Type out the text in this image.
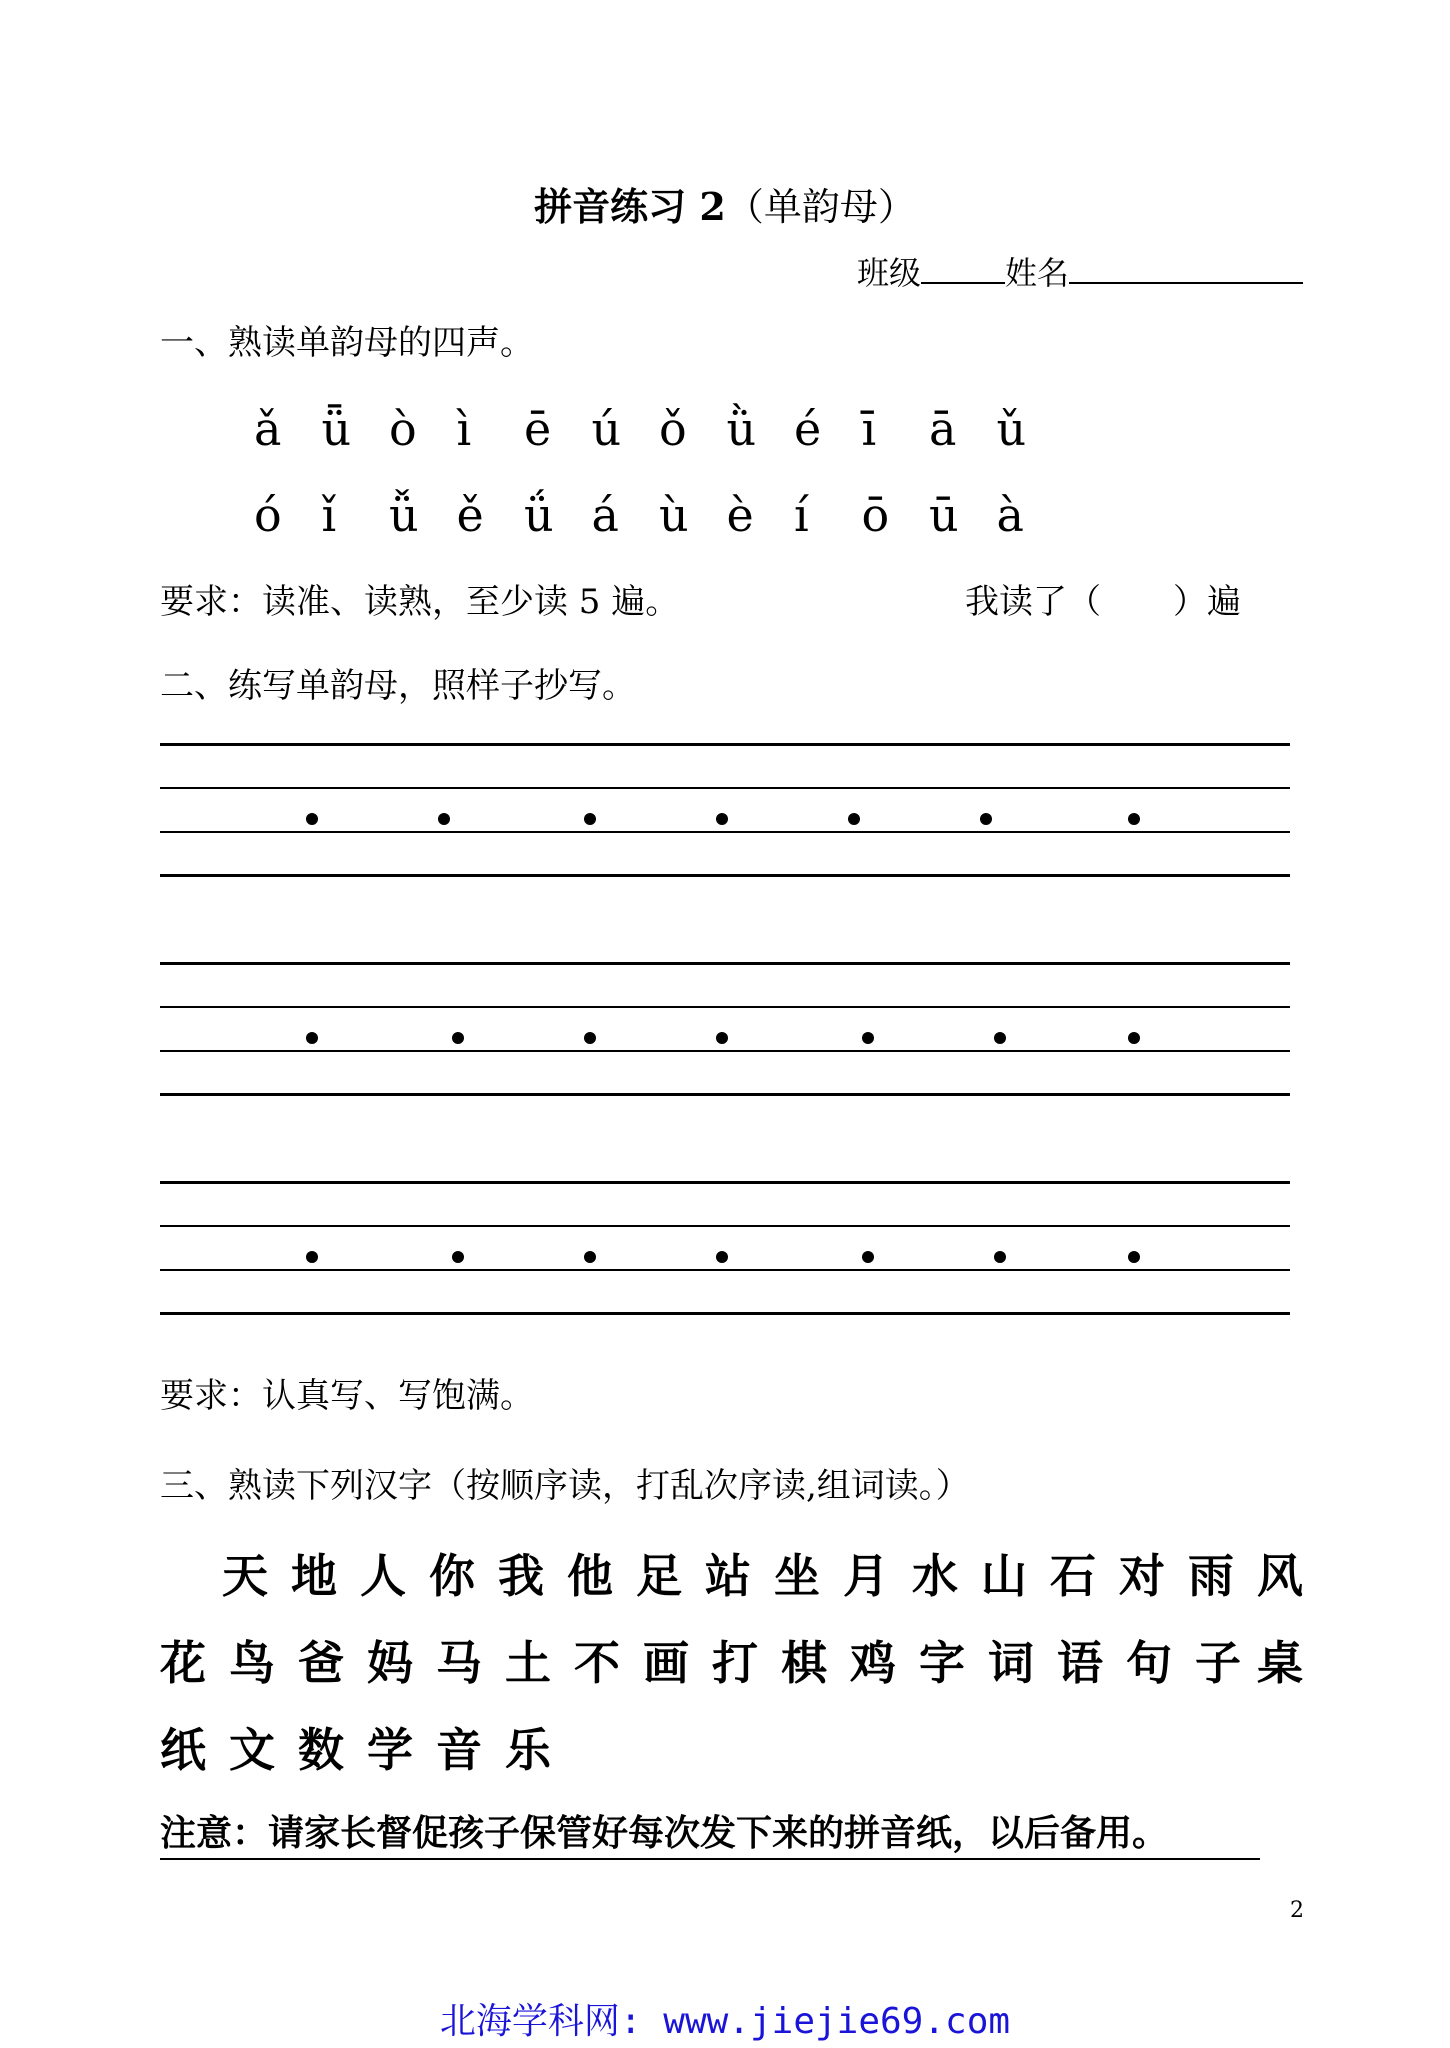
拼音练习 2（单韵母）
班级	姓名
一、熟读单韵母的四声。
ǎ ǖ ò ì ē ú ǒ ǜ é ī ā ǔ
ó ǐ ǚ ě ǘ á ù è í ō ū à
要求：读准、读熟，至少读 5 遍。	我读了（ ）遍
二、练写单韵母，照样子抄写。
要求：认真写、写饱满。
三、熟读下列汉字（按顺序读，打乱次序读,组词读。）
天 地 人 你 我 他 足 站 坐 月 水 山 石 对 雨 风
花 鸟 爸 妈 马 土 不 画 打 棋 鸡 字 词 语 句 子 桌
纸 文 数 学 音 乐
注意：请家长督促孩子保管好每次发下来的拼音纸，以后备用。
2
北海学科网: www.jiejie69.com
